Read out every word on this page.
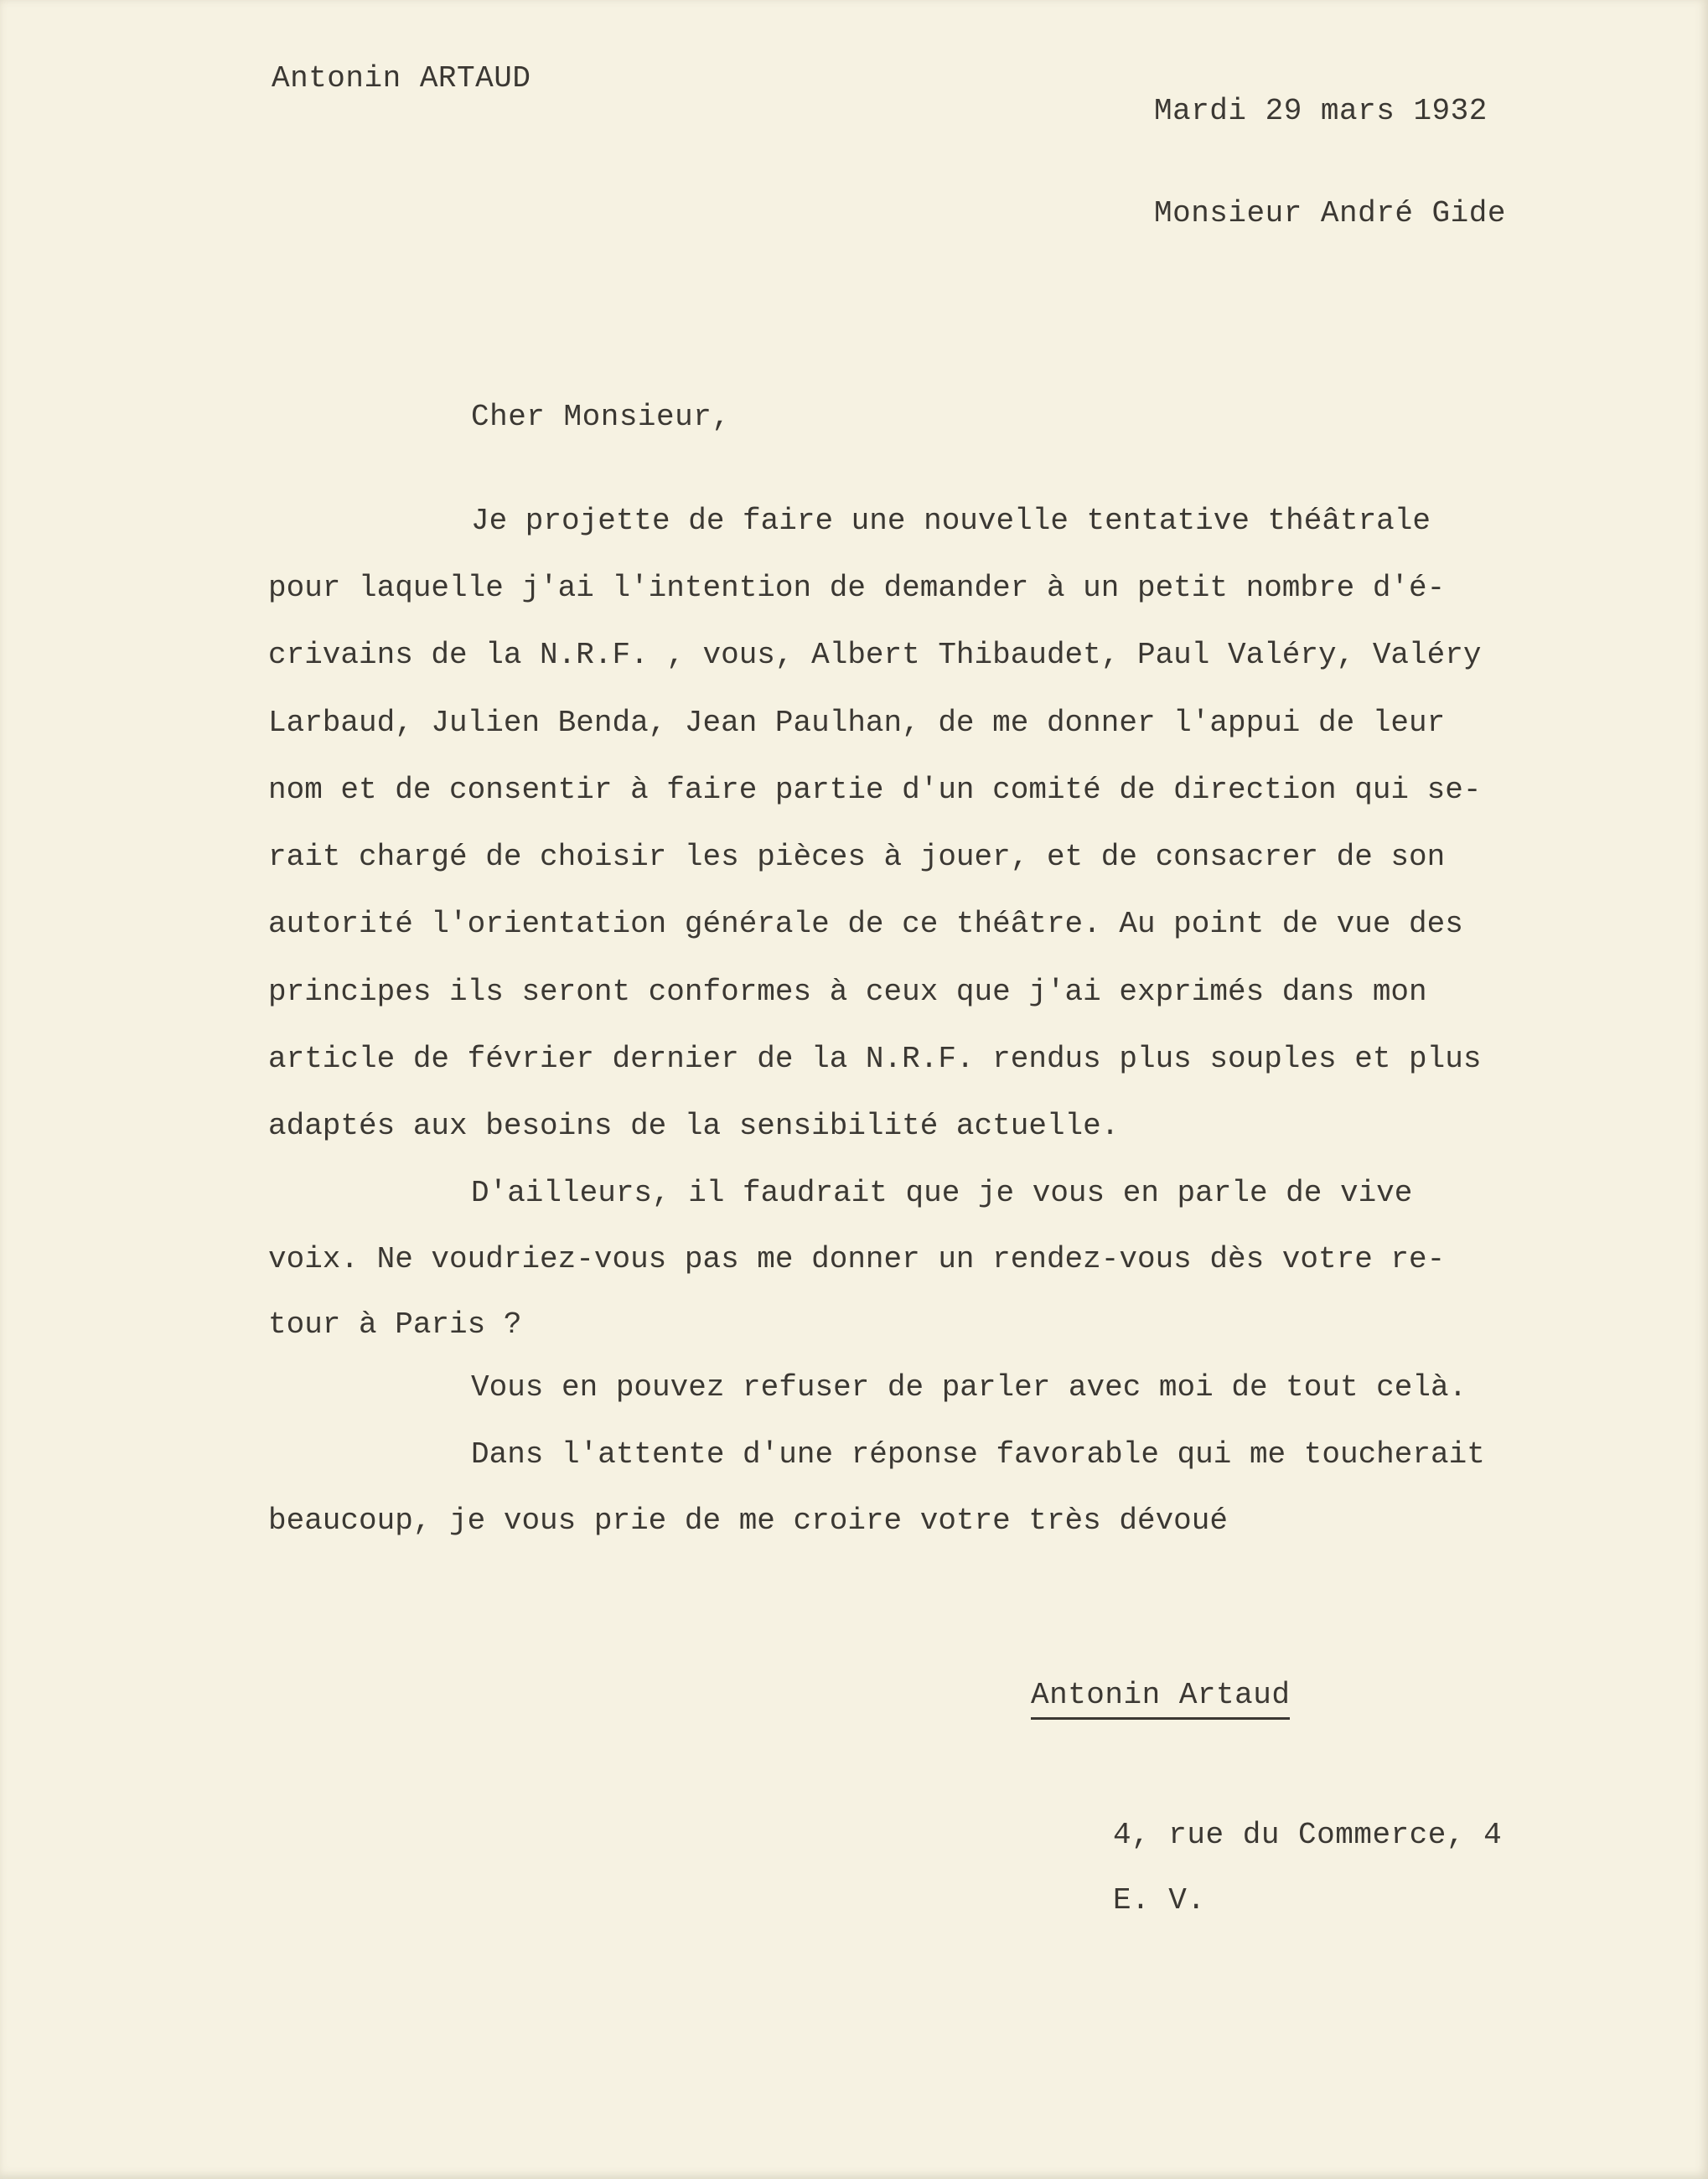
Antonin ARTAUD
Mardi 29 mars 1932
Monsieur André Gide
Cher Monsieur,
Je projette de faire une nouvelle tentative théâtrale
pour laquelle j'ai l'intention de demander à un petit nombre d'é-
crivains de la N.R.F. , vous, Albert Thibaudet, Paul Valéry, Valéry
Larbaud, Julien Benda, Jean Paulhan, de me donner l'appui de leur
nom et de consentir à faire partie d'un comité de direction qui se-
rait chargé de choisir les pièces à jouer, et de consacrer de son
autorité l'orientation générale de ce théâtre. Au point de vue des
principes ils seront conformes à ceux que j'ai exprimés dans mon
article de février dernier de la N.R.F. rendus plus souples et plus
adaptés aux besoins de la sensibilité actuelle.
D'ailleurs, il faudrait que je vous en parle de vive
voix. Ne voudriez-vous pas me donner un rendez-vous dès votre re-
tour à Paris ?
Vous en pouvez refuser de parler avec moi de tout celà.
Dans l'attente d'une réponse favorable qui me toucherait
beaucoup, je vous prie de me croire votre très dévoué
Antonin Artaud
4, rue du Commerce, 4
E. V.
